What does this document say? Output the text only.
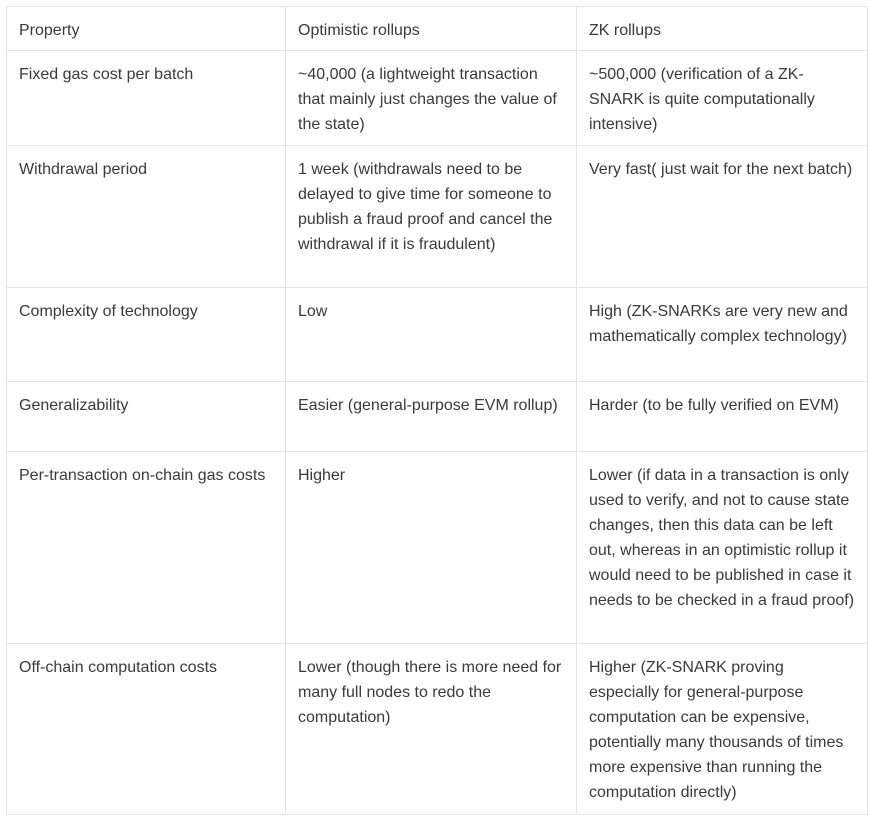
Property	Optimistic rollups	ZK rollups
Fixed gas cost per batch	~40,000 (a lightweight transaction that mainly just changes the value of the state)	~500,000 (verification of a ZK-SNARK is quite computationally intensive)
Withdrawal period	1 week (withdrawals need to be delayed to give time for someone to publish a fraud proof and cancel the withdrawal if it is fraudulent)	Very fast( just wait for the next batch)
Complexity of technology	Low	High (ZK-SNARKs are very new and mathematically complex technology)
Generalizability	Easier (general-purpose EVM rollup)	Harder (to be fully verified on EVM)
Per-transaction on-chain gas costs	Higher	Lower (if data in a transaction is only used to verify, and not to cause state changes, then this data can be left out, whereas in an optimistic rollup it would need to be published in case it needs to be checked in a fraud proof)
Off-chain computation costs	Lower (though there is more need for many full nodes to redo the computation)	Higher (ZK-SNARK proving especially for general-purpose computation can be expensive, potentially many thousands of times more expensive than running the computation directly)
